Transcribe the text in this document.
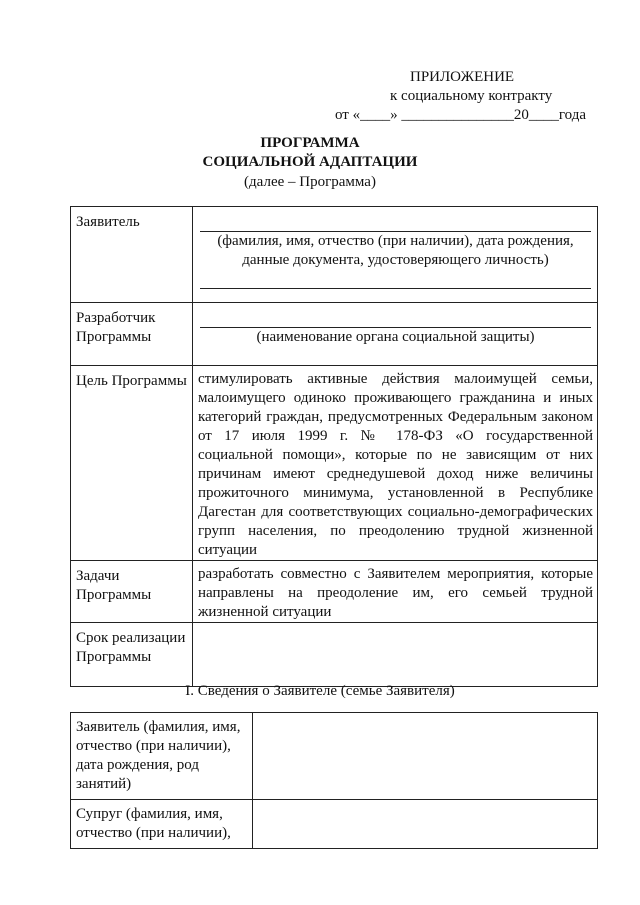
ПРИЛОЖЕНИЕ
к социальному контракту
от «____» _______________20____года
ПРОГРАММА
СОЦИАЛЬНОЙ АДАПТАЦИИ
(далее – Программа)
Заявитель	(фамилия, имя, отчество (при наличии), дата рождения, данные документа, удостоверяющего личность)

Разработчик Программы	(наименование органа социальной защиты)

Цель Программы	стимулировать активные действия малоимущей семьи, малоимущего одиноко проживающего гражданина и иных категорий граждан, предусмотренных Федеральным законом от 17 июля 1999 г. № 178-ФЗ «О государственной социальной помощи», которые по не зависящим от них причинам имеют среднедушевой доход ниже величины прожиточного минимума, установленной в Республике Дагестан для соответствующих социально-демографических групп населения, по преодолению трудной жизненной ситуации
Задачи Программы	разработать совместно с Заявителем мероприятия, которые направлены на преодоление им, его семьей трудной жизненной ситуации
Срок реализации Программы	
I. Сведения о Заявителе (семье Заявителя)
Заявитель (фамилия, имя, отчество (при наличии), дата рождения, род занятий)	
Супруг (фамилия, имя, отчество (при наличии),	
